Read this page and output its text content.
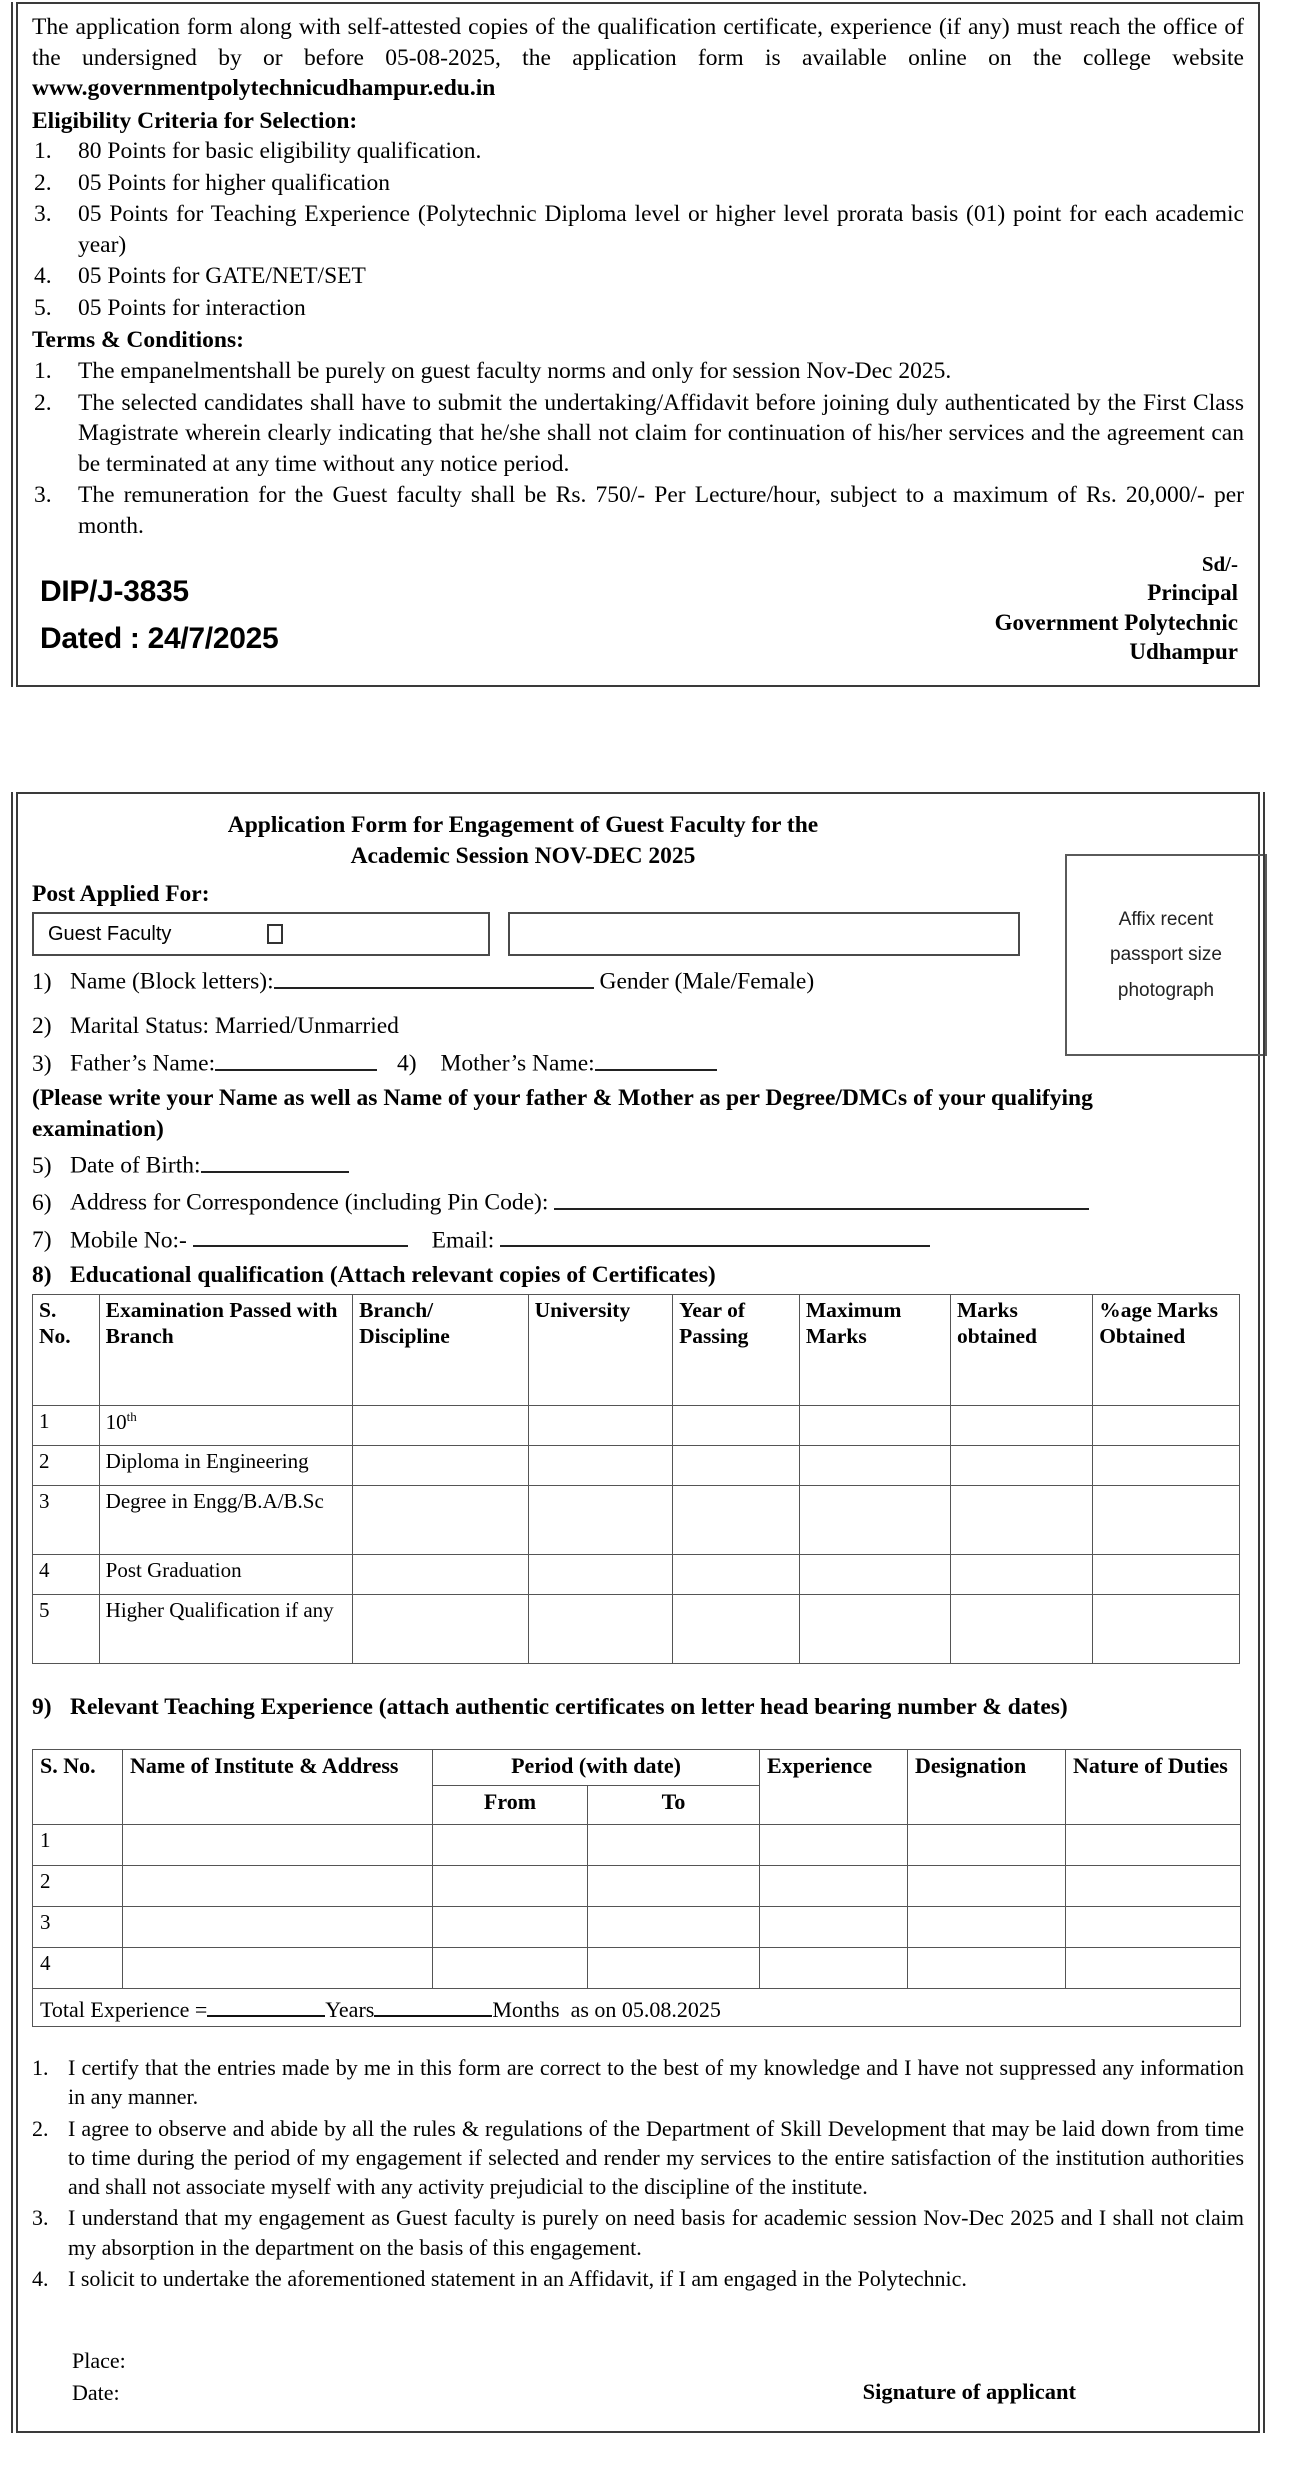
The application form along with self-attested copies of the qualification certificate, experience (if any) must reach the office of the undersigned by or before 05-08-2025, the application form is available online on the college website www.governmentpolytechnicudhampur.edu.in

Eligibility Criteria for Selection:
1.	80 Points for basic eligibility qualification.
2.	05 Points for higher qualification
3.	05 Points for Teaching Experience (Polytechnic Diploma level or higher level prorata basis (01) point for each academic year)
4.	05 Points for GATE/NET/SET
5.	05 Points for interaction
Terms & Conditions:
1.	The empanelmentshall be purely on guest faculty norms and only for session Nov-Dec 2025.
2.	The selected candidates shall have to submit the undertaking/Affidavit before joining duly authenticated by the First Class Magistrate wherein clearly indicating that he/she shall not claim for continuation of his/her services and the agreement can be terminated at any time without any notice period.
3.	The remuneration for the Guest faculty shall be Rs. 750/- Per Lecture/hour, subject to a maximum of Rs. 20,000/- per month.
DIP/J-3835
Dated : 24/7/2025
Sd/-
Principal
Government Polytechnic
Udhampur
Affix recent
passport size
photograph
Application Form for Engagement of Guest Faculty for the
Academic Session NOV-DEC 2025
Post Applied For:
Guest Faculty
1) Name (Block letters):	Gender (Male/Female)
2) Marital Status: Married/Unmarried
3) Father’s Name:	4) Mother’s Name:
(Please write your Name as well as Name of your father & Mother as per Degree/DMCs of your qualifying examination)
5) Date of Birth:
6) Address for Correspondence (including Pin Code):
7) Mobile No:-	Email:
8) Educational qualification (Attach relevant copies of Certificates)
S. No.	Examination Passed with Branch	Branch/ Discipline	University	Year of Passing	Maximum Marks	Marks obtained	%age Marks Obtained
1	10th						
2	Diploma in Engineering						
3	Degree in Engg/B.A/B.Sc						
4	Post Graduation						
5	Higher Qualification if any						
9) Relevant Teaching Experience (attach authentic certificates on letter head bearing number & dates)
S. No.	Name of Institute & Address	Period (with date)		Experience	Designation	Nature of Duties
		From	To			
1						
2						
3						
4						
Total Experience = Years Months as on 05.08.2025						
1. I certify that the entries made by me in this form are correct to the best of my knowledge and I have not suppressed any information in any manner.
2. I agree to observe and abide by all the rules & regulations of the Department of Skill Development that may be laid down from time to time during the period of my engagement if selected and render my services to the entire satisfaction of the institution authorities and shall not associate myself with any activity prejudicial to the discipline of the institute.
3. I understand that my engagement as Guest faculty is purely on need basis for academic session Nov-Dec 2025 and I shall not claim my absorption in the department on the basis of this engagement.
4. I solicit to undertake the aforementioned statement in an Affidavit, if I am engaged in the Polytechnic.
Place:
Date:	Signature of applicant
